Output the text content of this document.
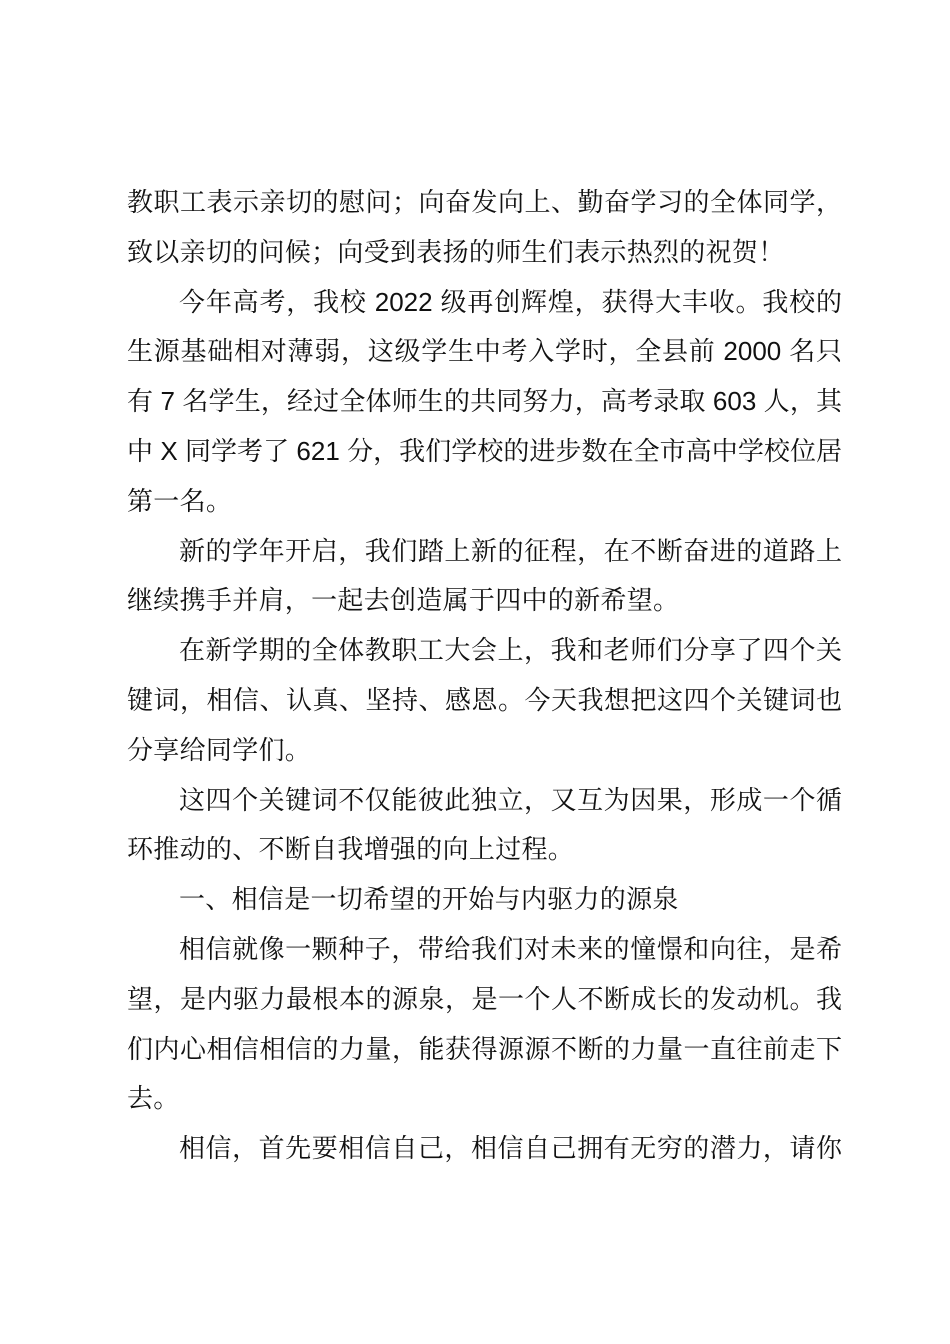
教职工表示亲切的慰问；向奋发向上、勤奋学习的全体同学，
致以亲切的问候；向受到表扬的师生们表示热烈的祝贺！
今年高考，我校 2022 级再创辉煌，获得大丰收。我校的
生源基础相对薄弱，这级学生中考入学时，全县前 2000 名只
有 7 名学生，经过全体师生的共同努力，高考录取 603 人，其
中 X 同学考了 621 分，我们学校的进步数在全市高中学校位居
第一名。
新的学年开启，我们踏上新的征程，在不断奋进的道路上
继续携手并肩，一起去创造属于四中的新希望。
在新学期的全体教职工大会上，我和老师们分享了四个关
键词，相信、认真、坚持、感恩。今天我想把这四个关键词也
分享给同学们。
这四个关键词不仅能彼此独立，又互为因果，形成一个循
环推动的、不断自我增强的向上过程。
一、相信是一切希望的开始与内驱力的源泉
相信就像一颗种子，带给我们对未来的憧憬和向往，是希
望，是内驱力最根本的源泉，是一个人不断成长的发动机。我
们内心相信相信的力量，能获得源源不断的力量一直往前走下
去。
相信，首先要相信自己，相信自己拥有无穷的潜力，请你
